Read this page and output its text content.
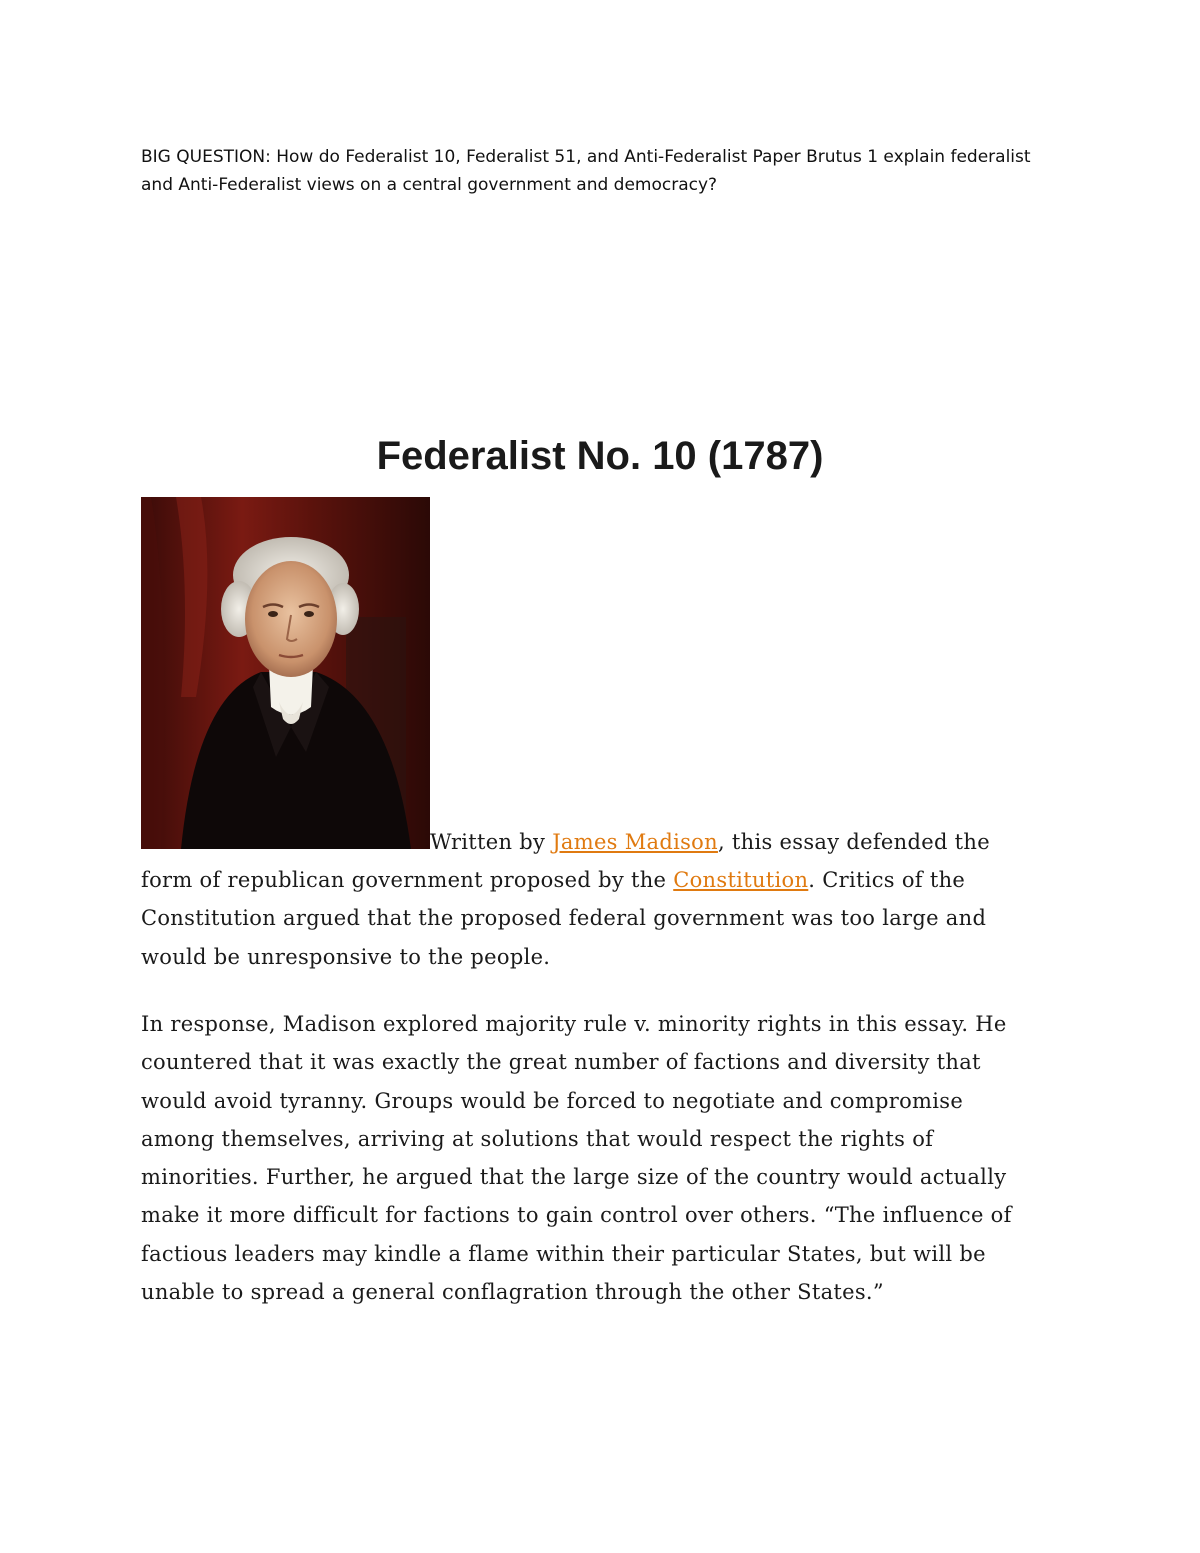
BIG QUESTION: How do Federalist 10, Federalist 51, and Anti-Federalist Paper Brutus 1 explain federalist
and Anti-Federalist views on a central government and democracy?

Federalist No. 10 (1787)
Written by James Madison, this essay defended the
form of republican government proposed by the Constitution. Critics of the
Constitution argued that the proposed federal government was too large and
would be unresponsive to the people.
In response, Madison explored majority rule v. minority rights in this essay. He
countered that it was exactly the great number of factions and diversity that
would avoid tyranny. Groups would be forced to negotiate and compromise
among themselves, arriving at solutions that would respect the rights of
minorities. Further, he argued that the large size of the country would actually
make it more difficult for factions to gain control over others. “The influence of
factious leaders may kindle a flame within their particular States, but will be
unable to spread a general conflagration through the other States.”
